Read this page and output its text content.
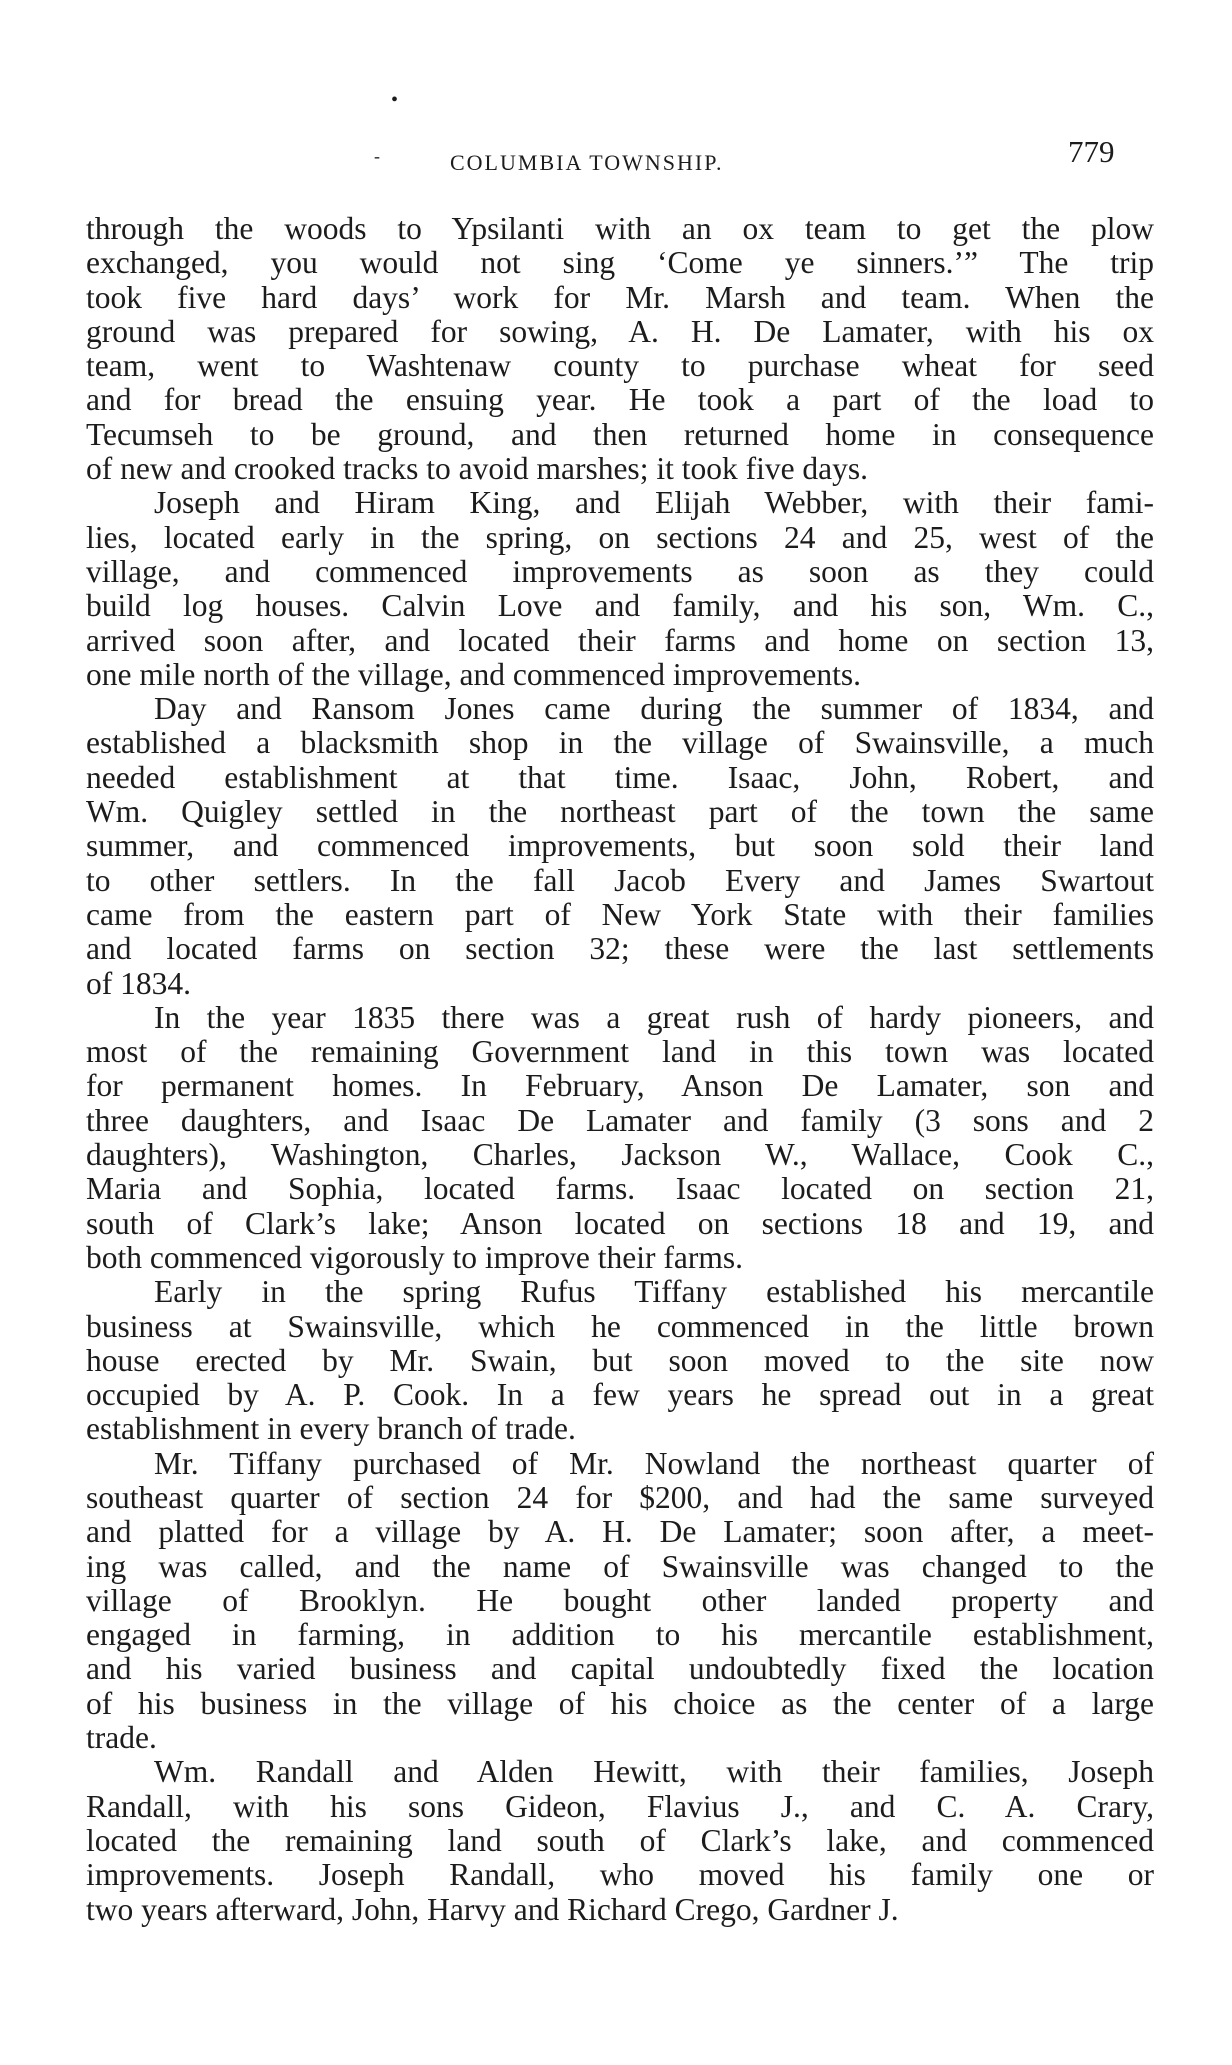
•
-	COLUMBIA TOWNSHIP.	779
through the woods to Ypsilanti with an ox team to get the plow
exchanged, you would not sing ‘Come ye sinners.’” The trip
took five hard days’ work for Mr. Marsh and team. When the
ground was prepared for sowing, A. H. De Lamater, with his ox
team, went to Washtenaw county to purchase wheat for seed
and for bread the ensuing year. He took a part of the load to
Tecumseh to be ground, and then returned home in consequence
of new and crooked tracks to avoid marshes; it took five days.
Joseph and Hiram King, and Elijah Webber, with their fami-
lies, located early in the spring, on sections 24 and 25, west of the
village, and commenced improvements as soon as they could
build log houses. Calvin Love and family, and his son, Wm. C.,
arrived soon after, and located their farms and home on section 13,
one mile north of the village, and commenced improvements.
Day and Ransom Jones came during the summer of 1834, and
established a blacksmith shop in the village of Swainsville, a much
needed establishment at that time. Isaac, John, Robert, and
Wm. Quigley settled in the northeast part of the town the same
summer, and commenced improvements, but soon sold their land
to other settlers. In the fall Jacob Every and James Swartout
came from the eastern part of New York State with their families
and located farms on section 32; these were the last settlements
of 1834.
In the year 1835 there was a great rush of hardy pioneers, and
most of the remaining Government land in this town was located
for permanent homes. In February, Anson De Lamater, son and
three daughters, and Isaac De Lamater and family (3 sons and 2
daughters), Washington, Charles, Jackson W., Wallace, Cook C.,
Maria and Sophia, located farms. Isaac located on section 21,
south of Clark’s lake; Anson located on sections 18 and 19, and
both commenced vigorously to improve their farms.
Early in the spring Rufus Tiffany established his mercantile
business at Swainsville, which he commenced in the little brown
house erected by Mr. Swain, but soon moved to the site now
occupied by A. P. Cook. In a few years he spread out in a great
establishment in every branch of trade.
Mr. Tiffany purchased of Mr. Nowland the northeast quarter of
southeast quarter of section 24 for $200, and had the same surveyed
and platted for a village by A. H. De Lamater; soon after, a meet-
ing was called, and the name of Swainsville was changed to the
village of Brooklyn. He bought other landed property and
engaged in farming, in addition to his mercantile establishment,
and his varied business and capital undoubtedly fixed the location
of his business in the village of his choice as the center of a large
trade.
Wm. Randall and Alden Hewitt, with their families, Joseph
Randall, with his sons Gideon, Flavius J., and C. A. Crary,
located the remaining land south of Clark’s lake, and commenced
improvements. Joseph Randall, who moved his family one or
two years afterward, John, Harvy and Richard Crego, Gardner J.
